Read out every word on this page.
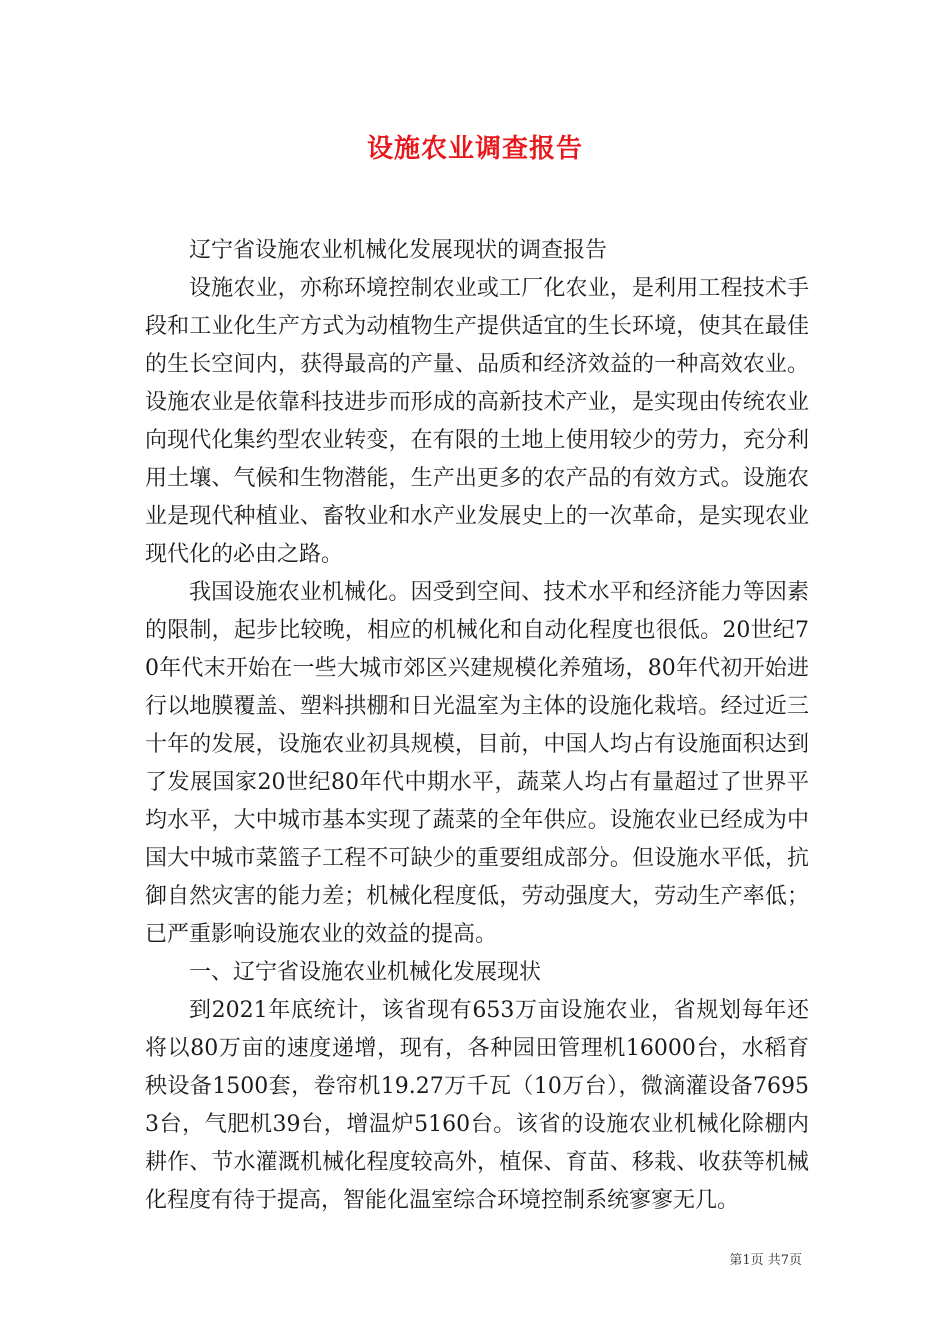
设施农业调查报告

辽宁省设施农业机械化发展现状的调查报告

设施农业，亦称环境控制农业或工厂化农业，是利用工程技术手段和工业化生产方式为动植物生产提供适宜的生长环境，使其在最佳的生长空间内，获得最高的产量、品质和经济效益的一种高效农业。设施农业是依靠科技进步而形成的高新技术产业，是实现由传统农业向现代化集约型农业转变，在有限的土地上使用较少的劳力，充分利用土壤、气候和生物潜能，生产出更多的农产品的有效方式。设施农业是现代种植业、畜牧业和水产业发展史上的一次革命，是实现农业现代化的必由之路。

我国设施农业机械化。因受到空间、技术水平和经济能力等因素的限制，起步比较晚，相应的机械化和自动化程度也很低。20世纪70年代末开始在一些大城市郊区兴建规模化养殖场，80年代初开始进行以地膜覆盖、塑料拱棚和日光温室为主体的设施化栽培。经过近三十年的发展，设施农业初具规模，目前，中国人均占有设施面积达到了发展国家20世纪80年代中期水平，蔬菜人均占有量超过了世界平均水平，大中城市基本实现了蔬菜的全年供应。设施农业已经成为中国大中城市菜篮子工程不可缺少的重要组成部分。但设施水平低，抗御自然灾害的能力差；机械化程度低，劳动强度大，劳动生产率低；已严重影响设施农业的效益的提高。

一、辽宁省设施农业机械化发展现状

到2021年底统计，该省现有653万亩设施农业，省规划每年还将以80万亩的速度递增，现有，各种园田管理机16000台，水稻育秧设备1500套，卷帘机19.27万千瓦（10万台），微滴灌设备76953台，气肥机39台，增温炉5160台。该省的设施农业机械化除棚内耕作、节水灌溉机械化程度较高外，植保、育苗、移栽、收获等机械化程度有待于提高，智能化温室综合环境控制系统寥寥无几。

第1页 共7页
